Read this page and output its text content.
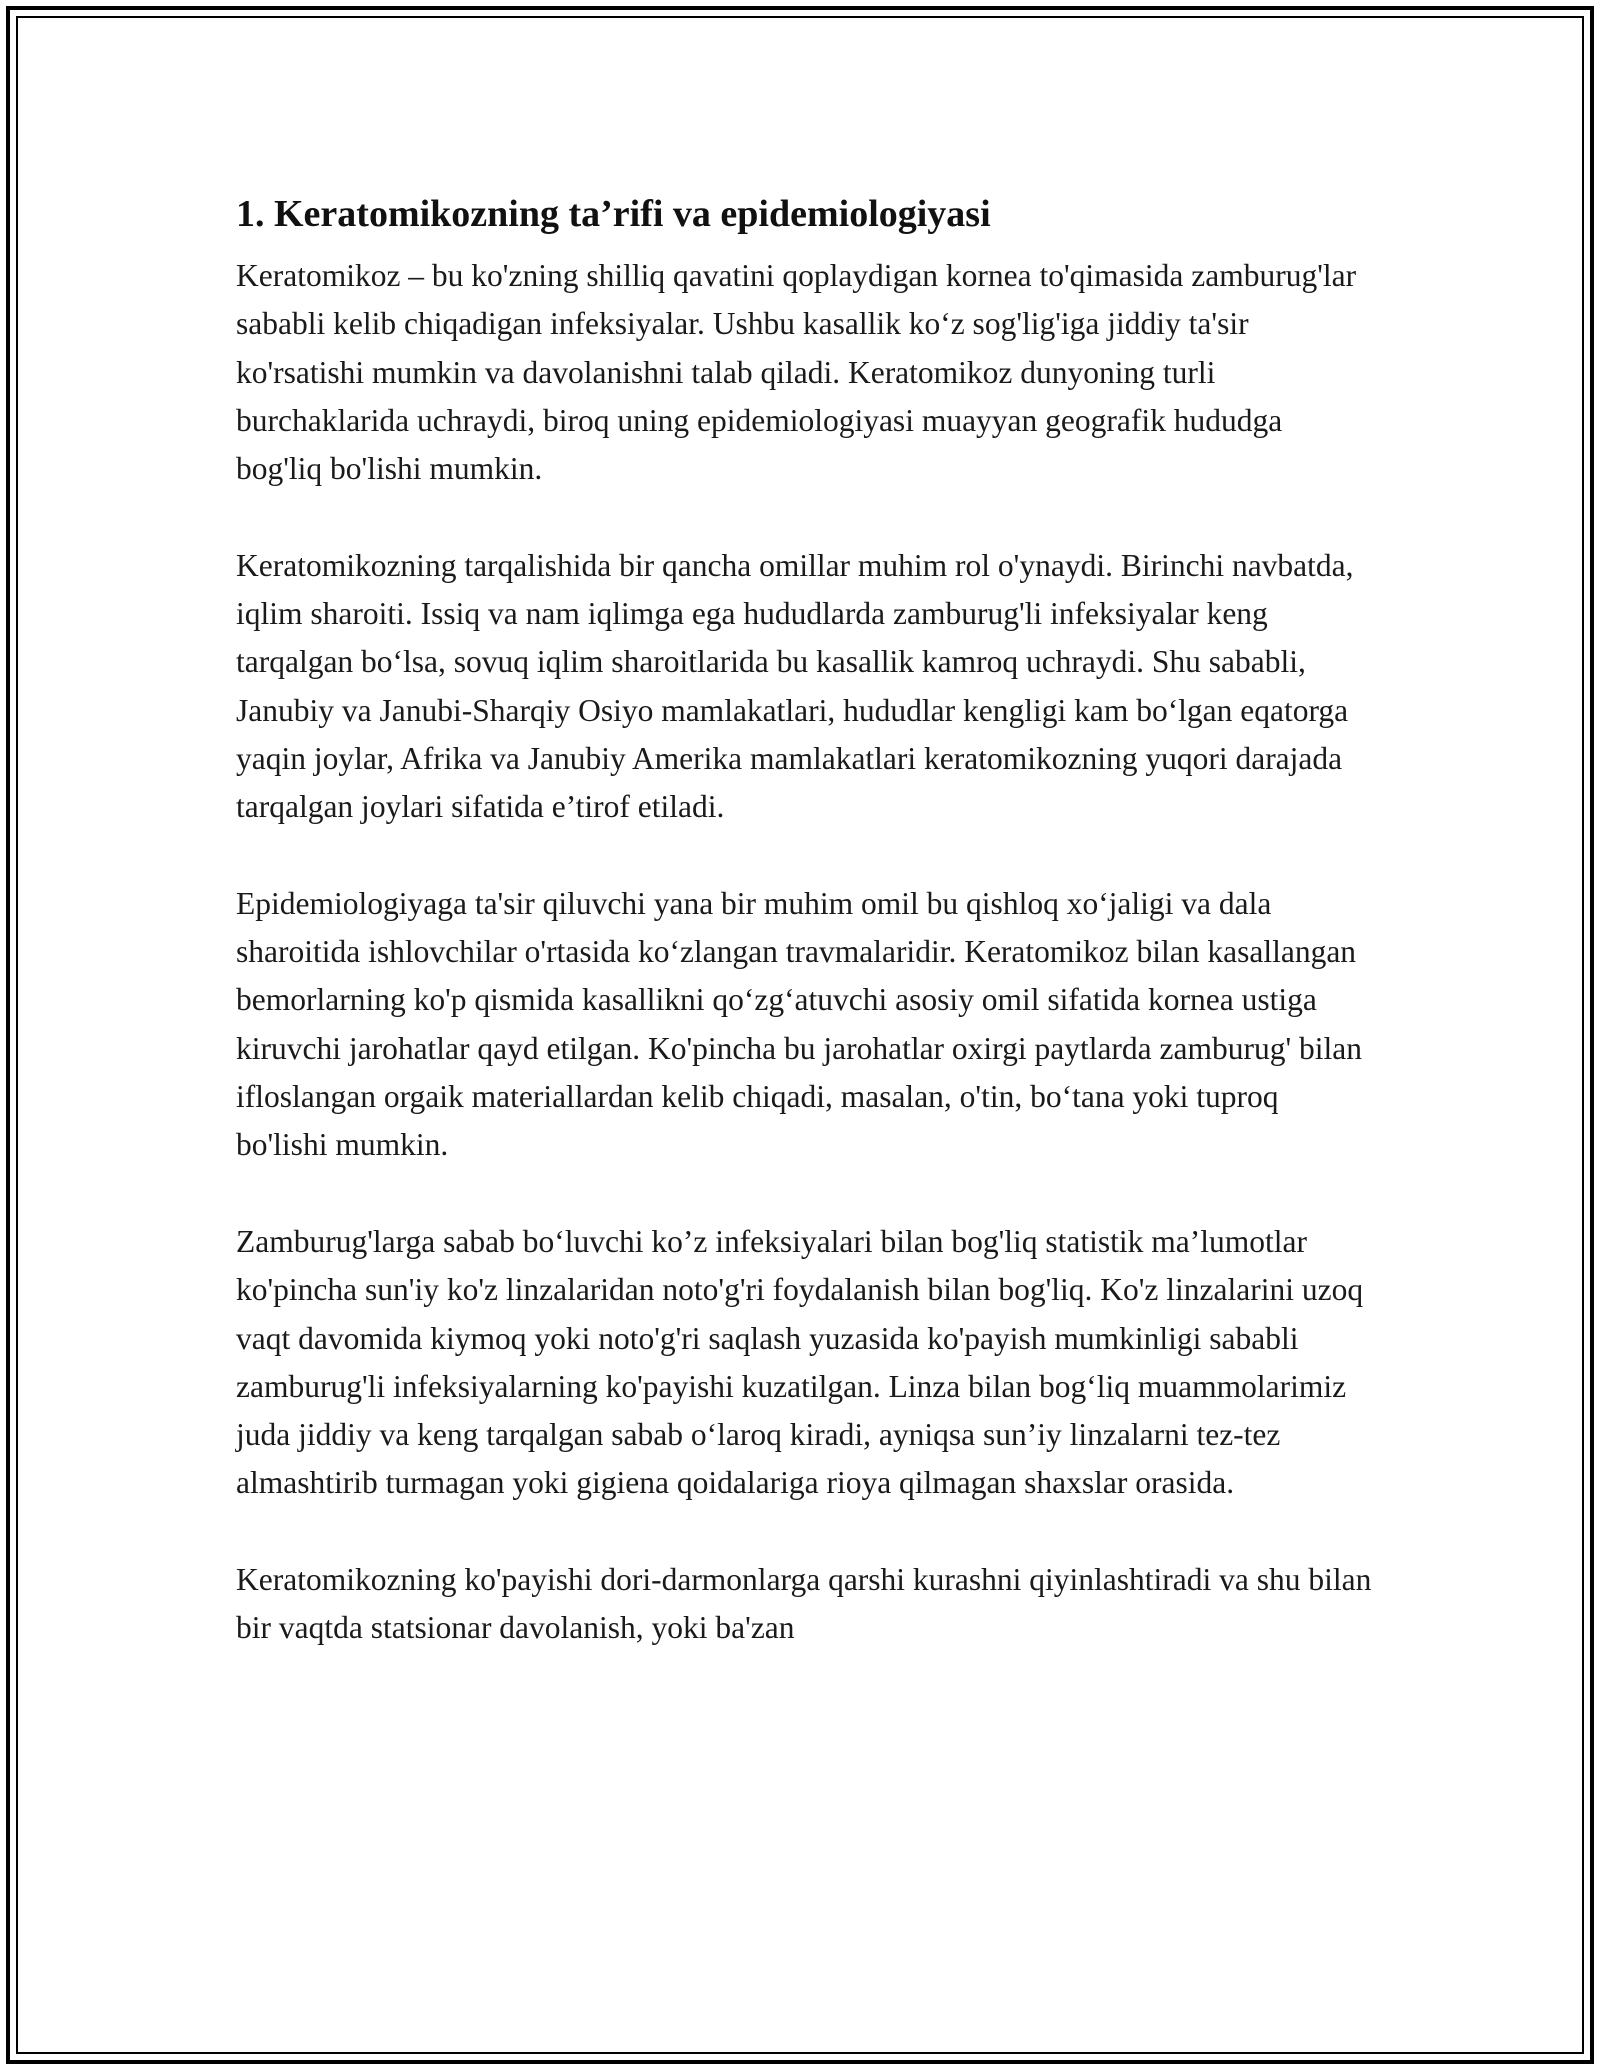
1. Keratomikozning ta’rifi va epidemiologiyasi

Keratomikoz – bu ko'zning shilliq qavatini qoplaydigan kornea to'qimasida zamburug'lar sababli kelib chiqadigan infeksiyalar. Ushbu kasallik ko‘z sog'lig'iga jiddiy ta'sir ko'rsatishi mumkin va davolanishni talab qiladi. Keratomikoz dunyoning turli burchaklarida uchraydi, biroq uning epidemiologiyasi muayyan geografik hududga bog'liq bo'lishi mumkin.

Keratomikozning tarqalishida bir qancha omillar muhim rol o'ynaydi. Birinchi navbatda, iqlim sharoiti. Issiq va nam iqlimga ega hududlarda zamburug'li infeksiyalar keng tarqalgan bo‘lsa, sovuq iqlim sharoitlarida bu kasallik kamroq uchraydi. Shu sababli, Janubiy va Janubi-Sharqiy Osiyo mamlakatlari, hududlar kengligi kam bo‘lgan eqatorga yaqin joylar, Afrika va Janubiy Amerika mamlakatlari keratomikozning yuqori darajada tarqalgan joylari sifatida e’tirof etiladi.

Epidemiologiyaga ta'sir qiluvchi yana bir muhim omil bu qishloq xo‘jaligi va dala sharoitida ishlovchilar o'rtasida ko‘zlangan travmalaridir. Keratomikoz bilan kasallangan bemorlarning ko'p qismida kasallikni qo‘zg‘atuvchi asosiy omil sifatida kornea ustiga kiruvchi jarohatlar qayd etilgan. Ko'pincha bu jarohatlar oxirgi paytlarda zamburug' bilan ifloslangan orgaik materiallardan kelib chiqadi, masalan, o'tin, bo‘tana yoki tuproq bo'lishi mumkin.

Zamburug'larga sabab bo‘luvchi ko’z infeksiyalari bilan bog'liq statistik ma’lumotlar ko'pincha sun'iy ko'z linzalaridan noto'g'ri foydalanish bilan bog'liq. Ko'z linzalarini uzoq vaqt davomida kiymoq yoki noto'g'ri saqlash yuzasida ko'payish mumkinligi sababli zamburug'li infeksiyalarning ko'payishi kuzatilgan. Linza bilan bog‘liq muammolarimiz juda jiddiy va keng tarqalgan sabab o‘laroq kiradi, ayniqsa sun’iy linzalarni tez-tez almashtirib turmagan yoki gigiena qoidalariga rioya qilmagan shaxslar orasida.

Keratomikozning ko'payishi dori-darmonlarga qarshi kurashni qiyinlashtiradi va shu bilan bir vaqtda statsionar davolanish, yoki ba'zan
